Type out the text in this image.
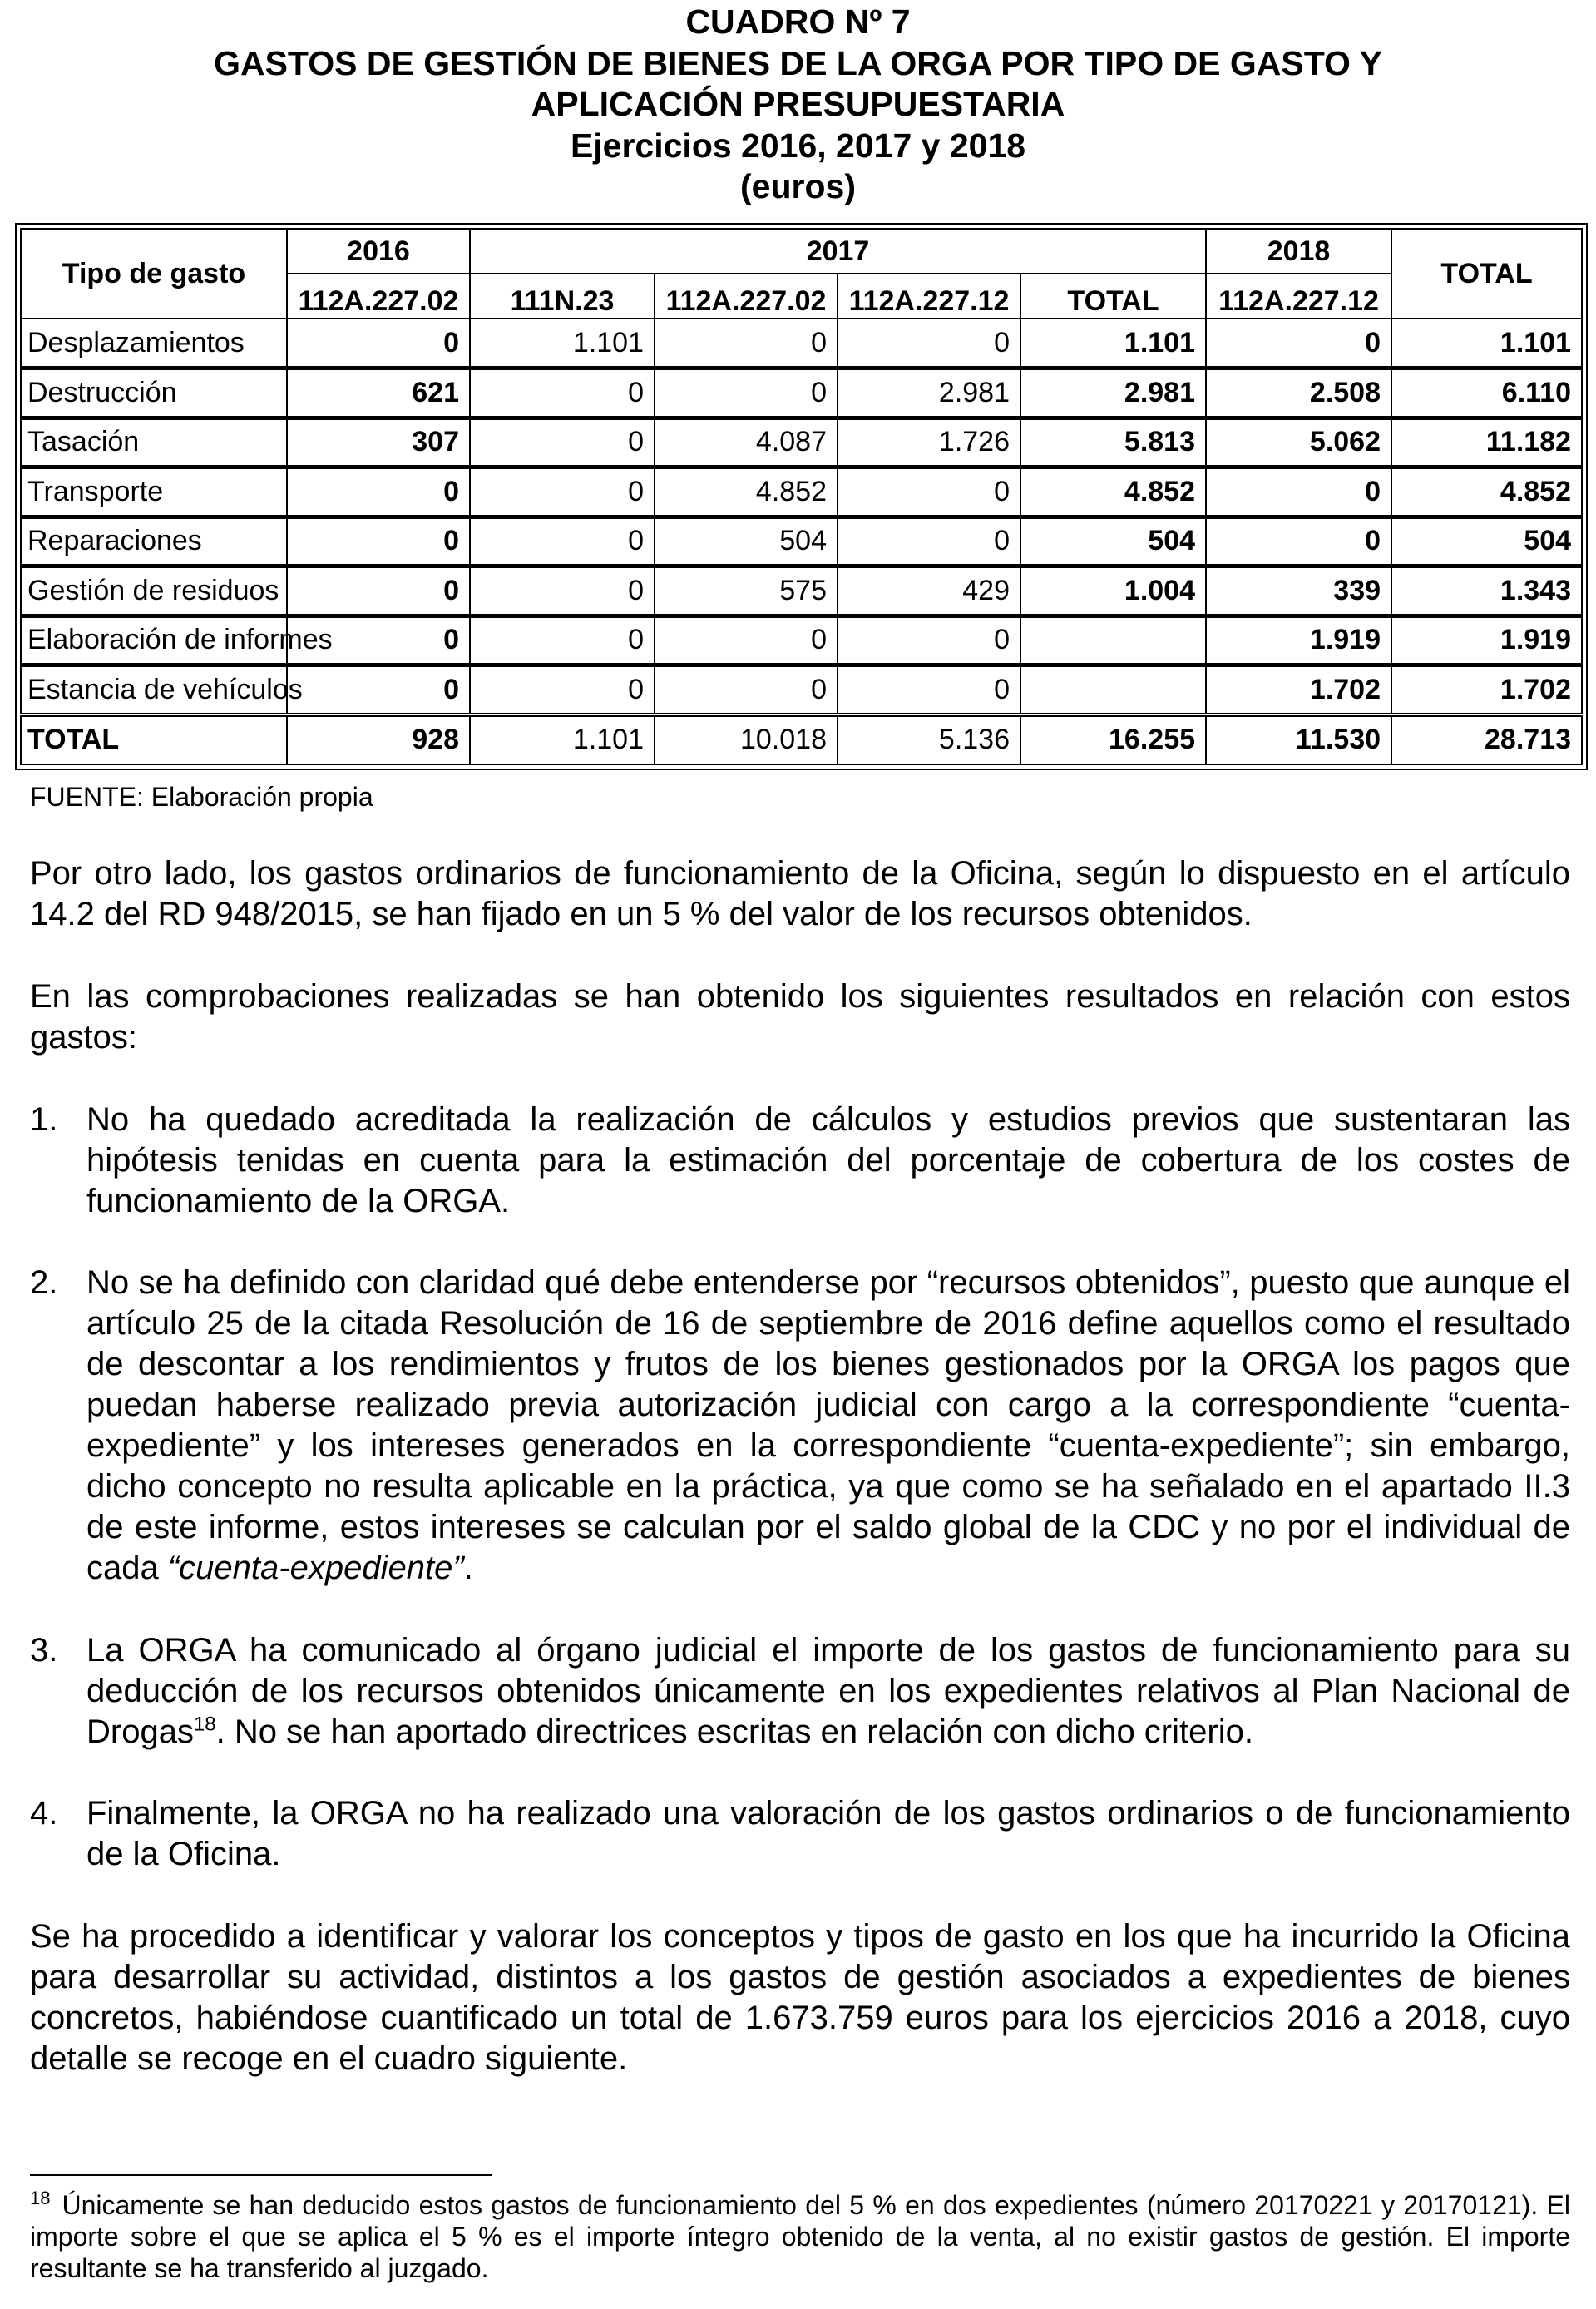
CUADRO Nº 7
GASTOS DE GESTIÓN DE BIENES DE LA ORGA POR TIPO DE GASTO Y
APLICACIÓN PRESUPUESTARIA
Ejercicios 2016, 2017 y 2018
(euros)
Tipo de gasto	2016	2017				2018	TOTAL
	112A.227.02	111N.23	112A.227.02	112A.227.12	TOTAL	112A.227.12	
Desplazamientos	0	1.101	0	0	1.101	0	1.101
Destrucción	621	0	0	2.981	2.981	2.508	6.110
Tasación	307	0	4.087	1.726	5.813	5.062	11.182
Transporte	0	0	4.852	0	4.852	0	4.852
Reparaciones	0	0	504	0	504	0	504
Gestión de residuos	0	0	575	429	1.004	339	1.343
Elaboración de informes	0	0	0	0		1.919	1.919
Estancia de vehículos	0	0	0	0		1.702	1.702
TOTAL	928	1.101	10.018	5.136	16.255	11.530	28.713
FUENTE: Elaboración propia
Por otro lado, los gastos ordinarios de funcionamiento de la Oficina, según lo dispuesto en el artículo 14.2 del RD 948/2015, se han fijado en un 5 % del valor de los recursos obtenidos.
En las comprobaciones realizadas se han obtenido los siguientes resultados en relación con estos gastos:
1. No ha quedado acreditada la realización de cálculos y estudios previos que sustentaran las hipótesis tenidas en cuenta para la estimación del porcentaje de cobertura de los costes de funcionamiento de la ORGA.
2. No se ha definido con claridad qué debe entenderse por “recursos obtenidos”, puesto que aunque el artículo 25 de la citada Resolución de 16 de septiembre de 2016 define aquellos como el resultado de descontar a los rendimientos y frutos de los bienes gestionados por la ORGA los pagos que puedan haberse realizado previa autorización judicial con cargo a la correspondiente “cuenta-expediente” y los intereses generados en la correspondiente “cuenta-expediente”; sin embargo, dicho concepto no resulta aplicable en la práctica, ya que como se ha señalado en el apartado II.3 de este informe, estos intereses se calculan por el saldo global de la CDC y no por el individual de cada “cuenta-expediente”.
3. La ORGA ha comunicado al órgano judicial el importe de los gastos de funcionamiento para su deducción de los recursos obtenidos únicamente en los expedientes relativos al Plan Nacional de Drogas$^{18}$. No se han aportado directrices escritas en relación con dicho criterio.
4. Finalmente, la ORGA no ha realizado una valoración de los gastos ordinarios o de funcionamiento de la Oficina.
Se ha procedido a identificar y valorar los conceptos y tipos de gasto en los que ha incurrido la Oficina para desarrollar su actividad, distintos a los gastos de gestión asociados a expedientes de bienes concretos, habiéndose cuantificado un total de 1.673.759 euros para los ejercicios 2016 a 2018, cuyo detalle se recoge en el cuadro siguiente.
$^{18}$ Únicamente se han deducido estos gastos de funcionamiento del 5 % en dos expedientes (número 20170221 y 20170121). El importe sobre el que se aplica el 5 % es el importe íntegro obtenido de la venta, al no existir gastos de gestión. El importe resultante se ha transferido al juzgado.
